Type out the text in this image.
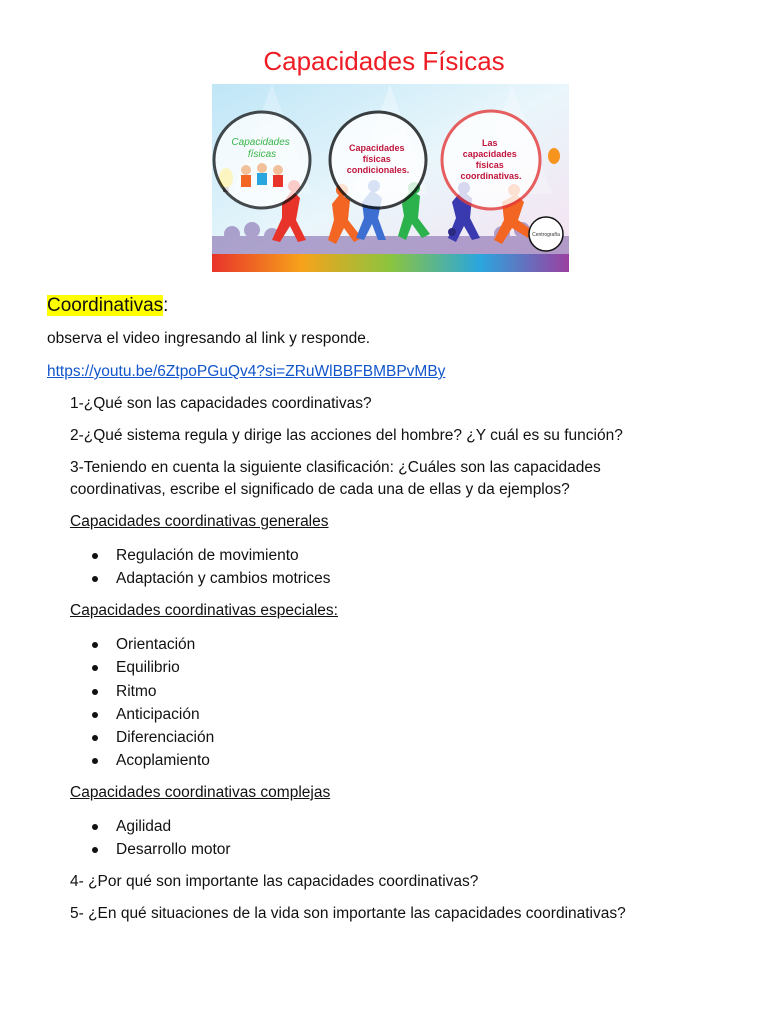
Capacidades Físicas
Capacidades físicas
Capacidades físicas condicionales.
Las capacidades físicas coordinativas.
Centrografía
Coordinativas:
observa el video ingresando al link y responde.
https://youtu.be/6ZtpoPGuQv4?si=ZRuWlBBFBMBPvMBy
1-¿Qué son las capacidades coordinativas?
2-¿Qué sistema regula y dirige las acciones del hombre? ¿Y cuál es su función?
3-Teniendo en cuenta la siguiente clasificación: ¿Cuáles son las capacidades
coordinativas, escribe el significado de cada una de ellas y da ejemplos?
Capacidades coordinativas generales
Regulación de movimiento
Adaptación y cambios motrices
Capacidades coordinativas especiales:
Orientación
Equilibrio
Ritmo
Anticipación
Diferenciación
Acoplamiento
Capacidades coordinativas complejas
Agilidad
Desarrollo motor
4- ¿Por qué son importante las capacidades coordinativas?
5- ¿En qué situaciones de la vida son importante las capacidades coordinativas?
